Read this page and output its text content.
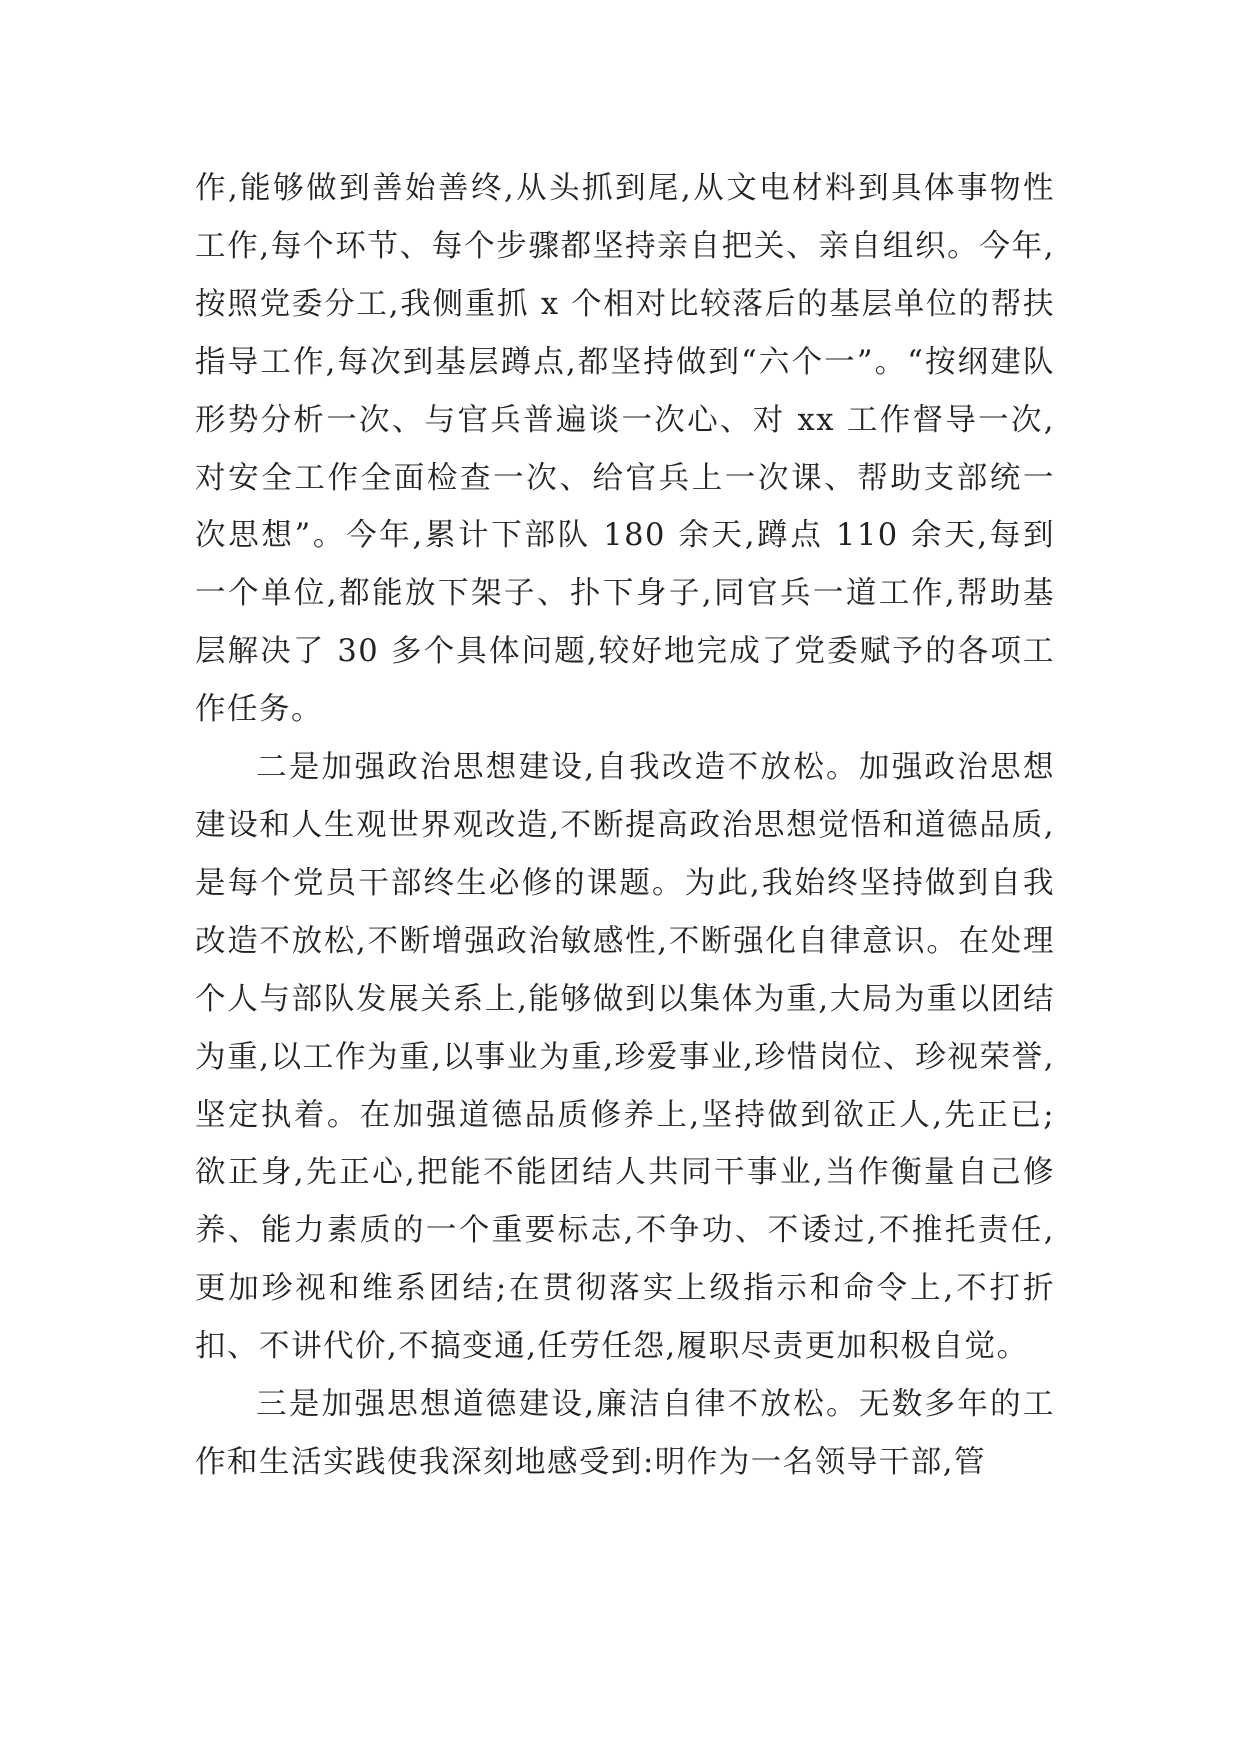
作,能够做到善始善终,从头抓到尾,从文电材料到具体事物性工作,每个环节、每个步骤都坚持亲自把关、亲自组织。今年,按照党委分工,我侧重抓 x 个相对比较落后的基层单位的帮扶指导工作,每次到基层蹲点,都坚持做到“六个一”。“按纲建队形势分析一次、与官兵普遍谈一次心、对 xx 工作督导一次,对安全工作全面检查一次、给官兵上一次课、帮助支部统一次思想”。今年,累计下部队 180 余天,蹲点 110 余天,每到一个单位,都能放下架子、扑下身子,同官兵一道工作,帮助基层解决了 30 多个具体问题,较好地完成了党委赋予的各项工作任务。

二是加强政治思想建设,自我改造不放松。加强政治思想建设和人生观世界观改造,不断提高政治思想觉悟和道德品质,是每个党员干部终生必修的课题。为此,我始终坚持做到自我改造不放松,不断增强政治敏感性,不断强化自律意识。在处理个人与部队发展关系上,能够做到以集体为重,大局为重以团结为重,以工作为重,以事业为重,珍爱事业,珍惜岗位、珍视荣誉,坚定执着。在加强道德品质修养上,坚持做到欲正人,先正已;欲正身,先正心,把能不能团结人共同干事业,当作衡量自己修养、能力素质的一个重要标志,不争功、不诿过,不推托责任,更加珍视和维系团结;在贯彻落实上级指示和命令上,不打折扣、不讲代价,不搞变通,任劳任怨,履职尽责更加积极自觉。

三是加强思想道德建设,廉洁自律不放松。无数多年的工作和生活实践使我深刻地感受到:明作为一名领导干部,管
